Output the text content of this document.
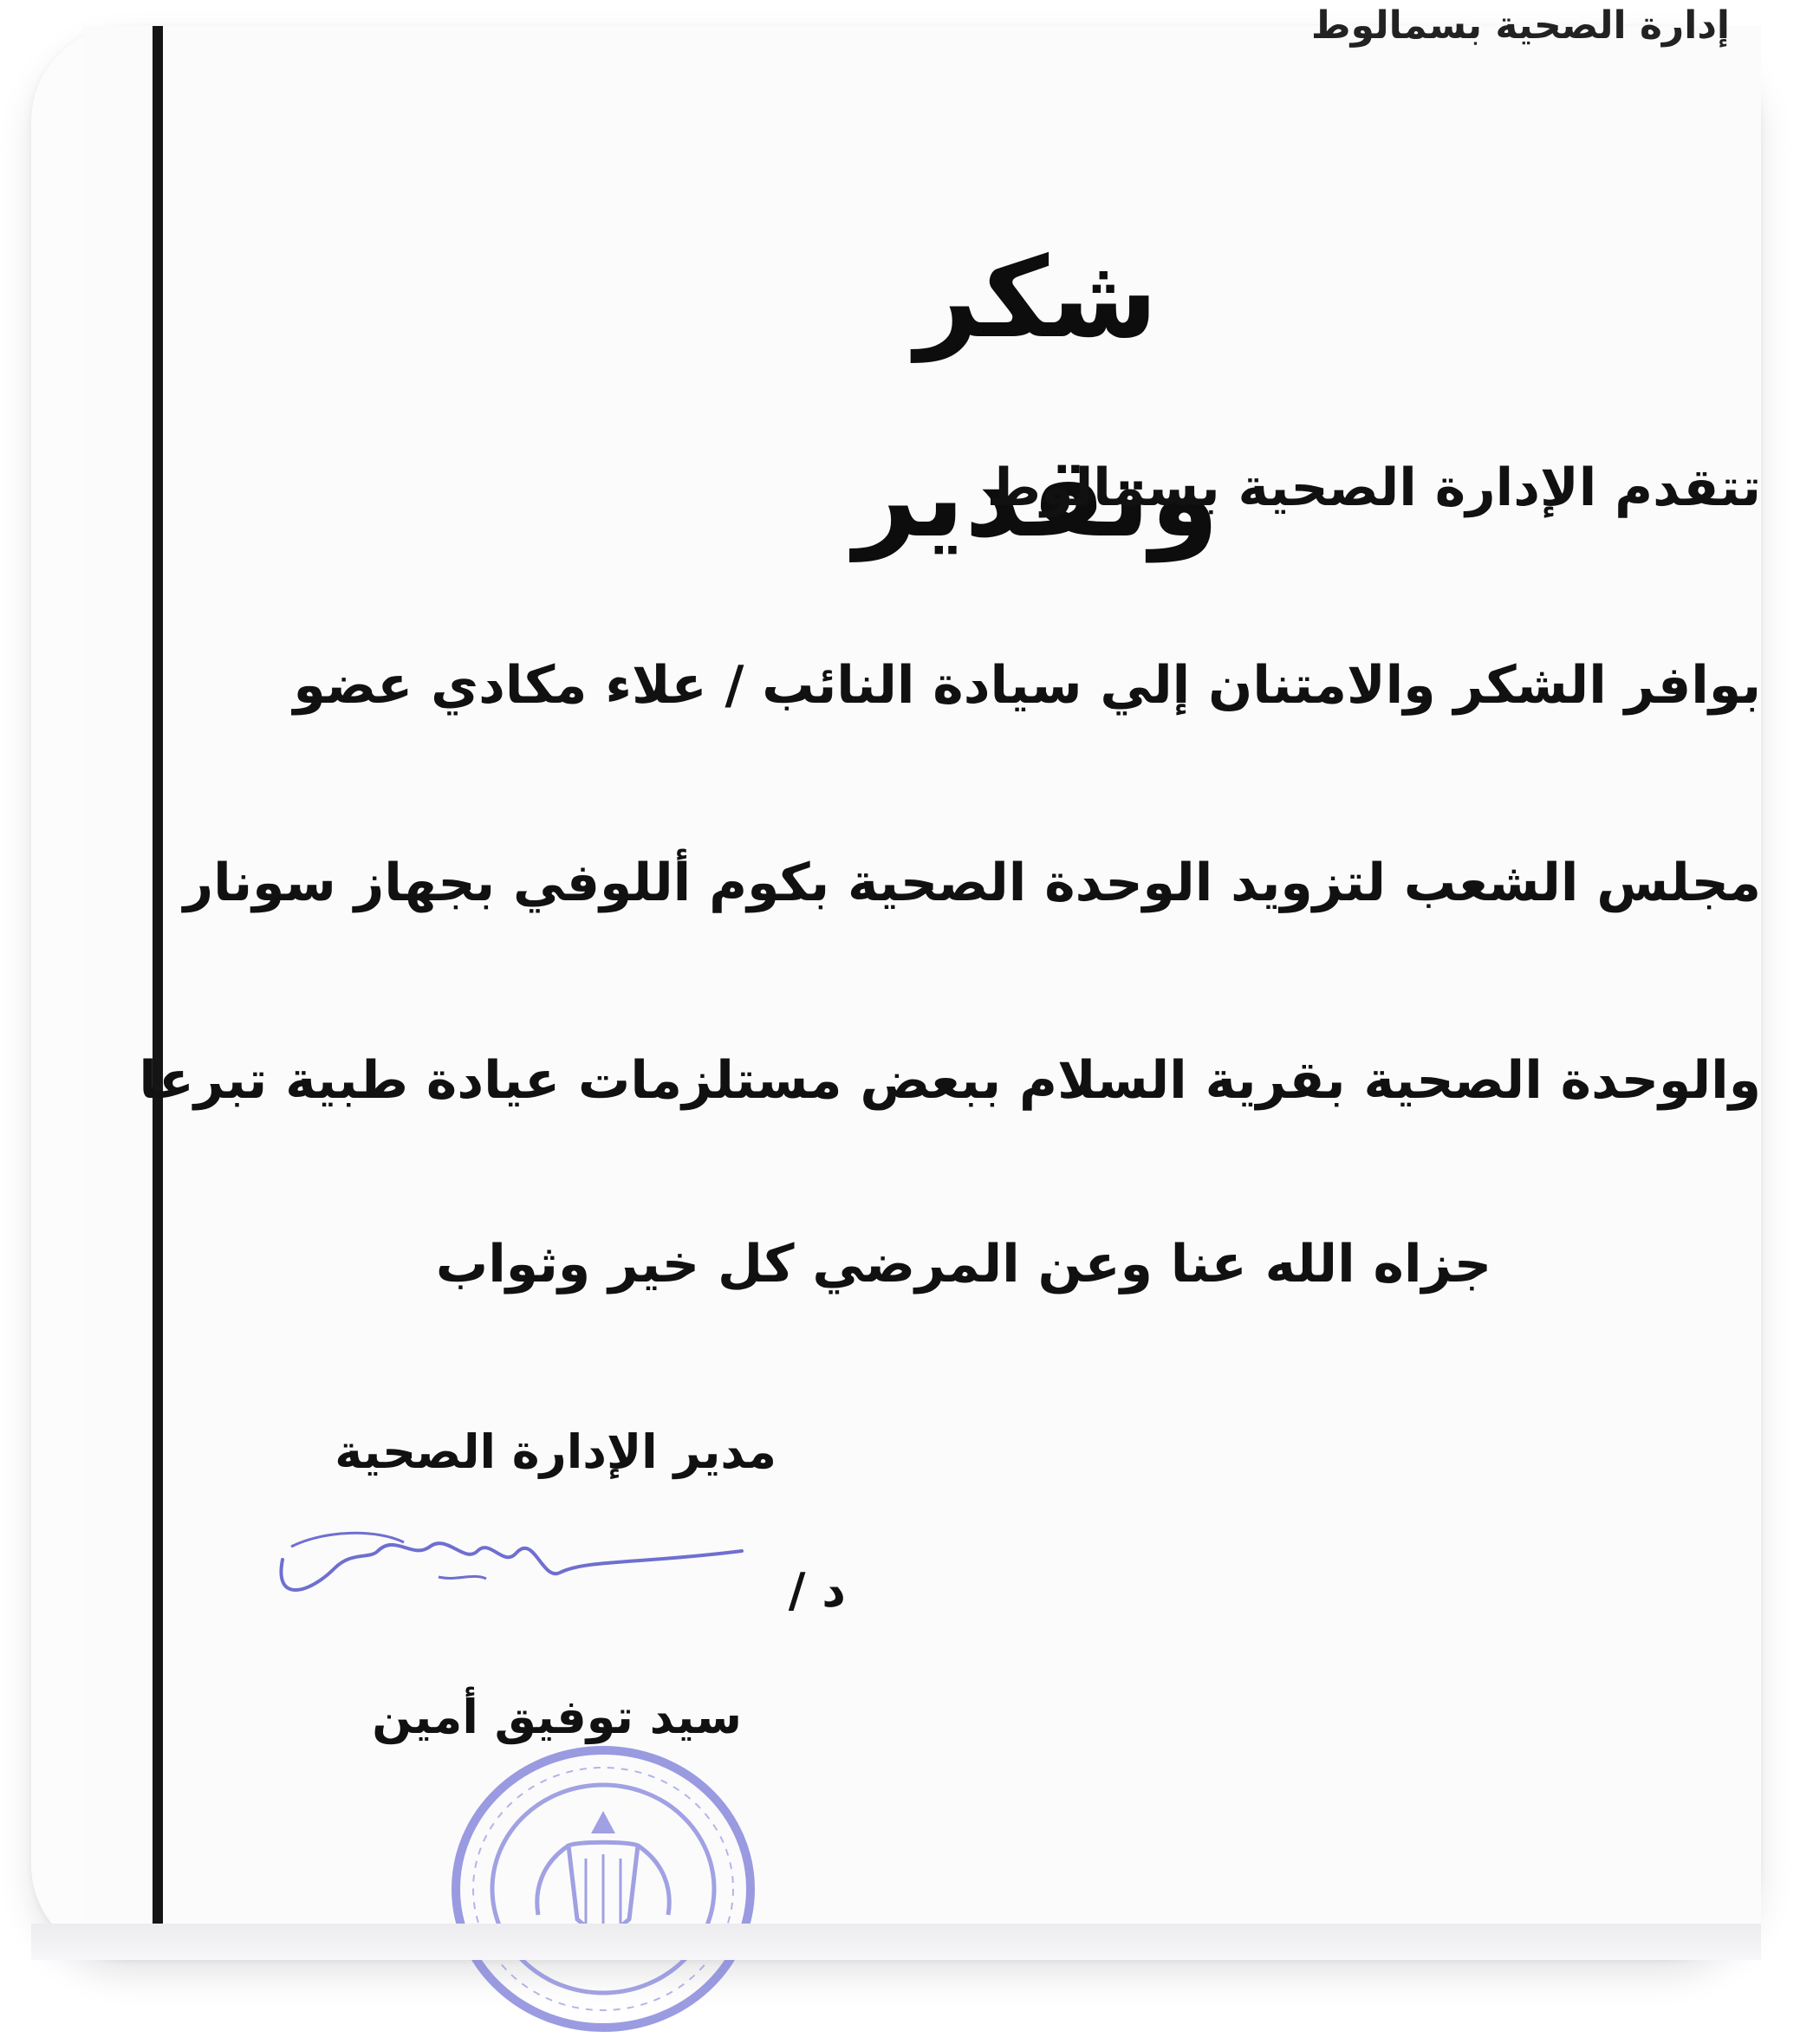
إدارة الصحية بسمالوط
شكر وتقدير
تتقدم الإدارة الصحية بسمالوط
بوافر الشكر والامتنان إلي سيادة النائب / علاء مكادي عضو
مجلس الشعب لتزويد الوحدة الصحية بكوم أللوفي بجهاز سونار
والوحدة الصحية بقرية السلام ببعض مستلزمات عيادة طبية تبرعا
جزاه الله عنا وعن المرضي كل خير وثواب
مدير الإدارة الصحية
د /
سيد توفيق أمين
